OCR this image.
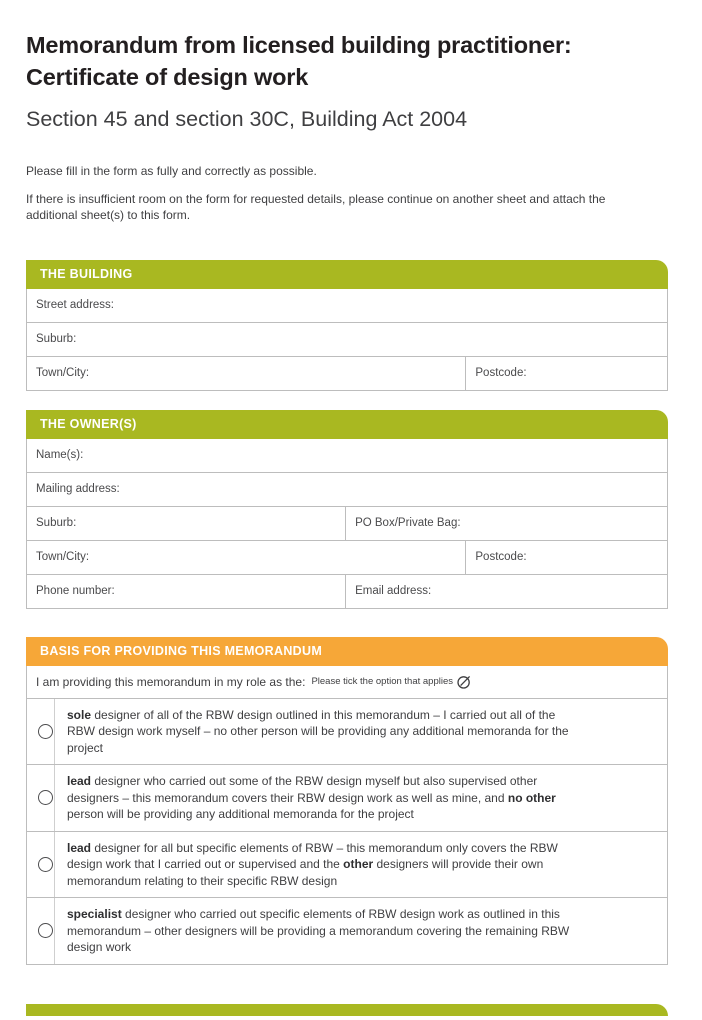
Memorandum from licensed building practitioner:
Certificate of design work
Section 45 and section 30C, Building Act 2004

Please fill in the form as fully and correctly as possible.

If there is insufficient room on the form for requested details, please continue on another sheet and attach the additional sheet(s) to this form.

THE BUILDING
Street address:
Suburb:
Town/City:	Postcode:
THE OWNER(S)
Name(s):
Mailing address:
Suburb:	PO Box/Private Bag:
Town/City:	Postcode:
Phone number:	Email address:
BASIS FOR PROVIDING THIS MEMORANDUM
I am providing this memorandum in my role as the: Please tick the option that applies
sole designer of all of the RBW design outlined in this memorandum – I carried out all of the RBW design work myself – no other person will be providing any additional memoranda for the project
lead designer who carried out some of the RBW design myself but also supervised other designers – this memorandum covers their RBW design work as well as mine, and no other person will be providing any additional memoranda for the project
lead designer for all but specific elements of RBW – this memorandum only covers the RBW design work that I carried out or supervised and the other designers will provide their own memorandum relating to their specific RBW design
specialist designer who carried out specific elements of RBW design work as outlined in this memorandum – other designers will be providing a memorandum covering the remaining RBW design work
